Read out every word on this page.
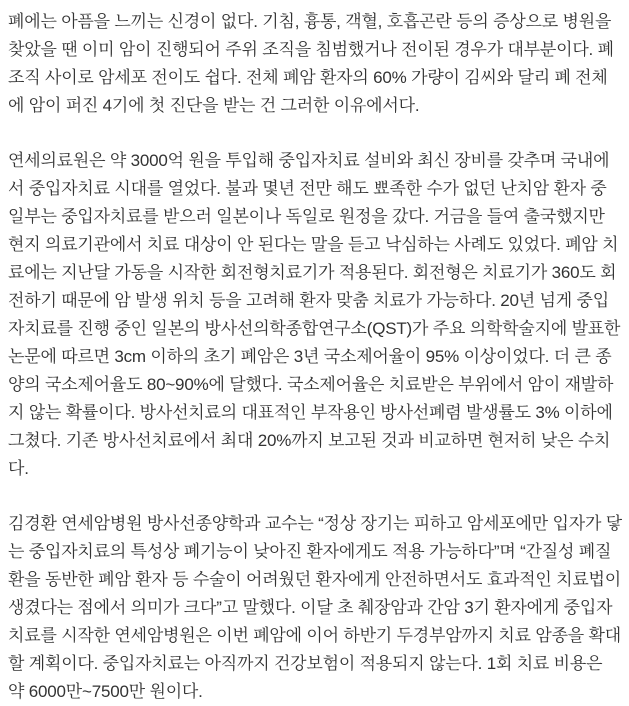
폐에는 아픔을 느끼는 신경이 없다. 기침, 흉통, 객혈, 호흡곤란 등의 증상으로 병원을 찾았을 땐 이미 암이 진행되어 주위 조직을 침범했거나 전이된 경우가 대부분이다. 폐 조직 사이로 암세포 전이도 쉽다. 전체 폐암 환자의 60% 가량이 김씨와 달리 폐 전체에 암이 퍼진 4기에 첫 진단을 받는 건 그러한 이유에서다.

연세의료원은 약 3000억 원을 투입해 중입자치료 설비와 최신 장비를 갖추며 국내에서 중입자치료 시대를 열었다. 불과 몇년 전만 해도 뾰족한 수가 없던 난치암 환자 중 일부는 중입자치료를 받으러 일본이나 독일로 원정을 갔다. 거금을 들여 출국했지만 현지 의료기관에서 치료 대상이 안 된다는 말을 듣고 낙심하는 사례도 있었다. 폐암 치료에는 지난달 가동을 시작한 회전형치료기가 적용된다. 회전형은 치료기가 360도 회전하기 때문에 암 발생 위치 등을 고려해 환자 맞춤 치료가 가능하다. 20년 넘게 중입자치료를 진행 중인 일본의 방사선의학종합연구소(QST)가 주요 의학학술지에 발표한 논문에 따르면 3cm 이하의 초기 폐암은 3년 국소제어율이 95% 이상이었다. 더 큰 종양의 국소제어율도 80~90%에 달했다. 국소제어율은 치료받은 부위에서 암이 재발하지 않는 확률이다. 방사선치료의 대표적인 부작용인 방사선폐렴 발생률도 3% 이하에 그쳤다. 기존 방사선치료에서 최대 20%까지 보고된 것과 비교하면 현저히 낮은 수치다.

김경환 연세암병원 방사선종양학과 교수는 “정상 장기는 피하고 암세포에만 입자가 닿는 중입자치료의 특성상 폐기능이 낮아진 환자에게도 적용 가능하다”며 “간질성 폐질환을 동반한 폐암 환자 등 수술이 어려웠던 환자에게 안전하면서도 효과적인 치료법이 생겼다는 점에서 의미가 크다”고 말했다. 이달 초 췌장암과 간암 3기 환자에게 중입자치료를 시작한 연세암병원은 이번 폐암에 이어 하반기 두경부암까지 치료 암종을 확대할 계획이다. 중입자치료는 아직까지 건강보험이 적용되지 않는다. 1회 치료 비용은 약 6000만~7500만 원이다.
